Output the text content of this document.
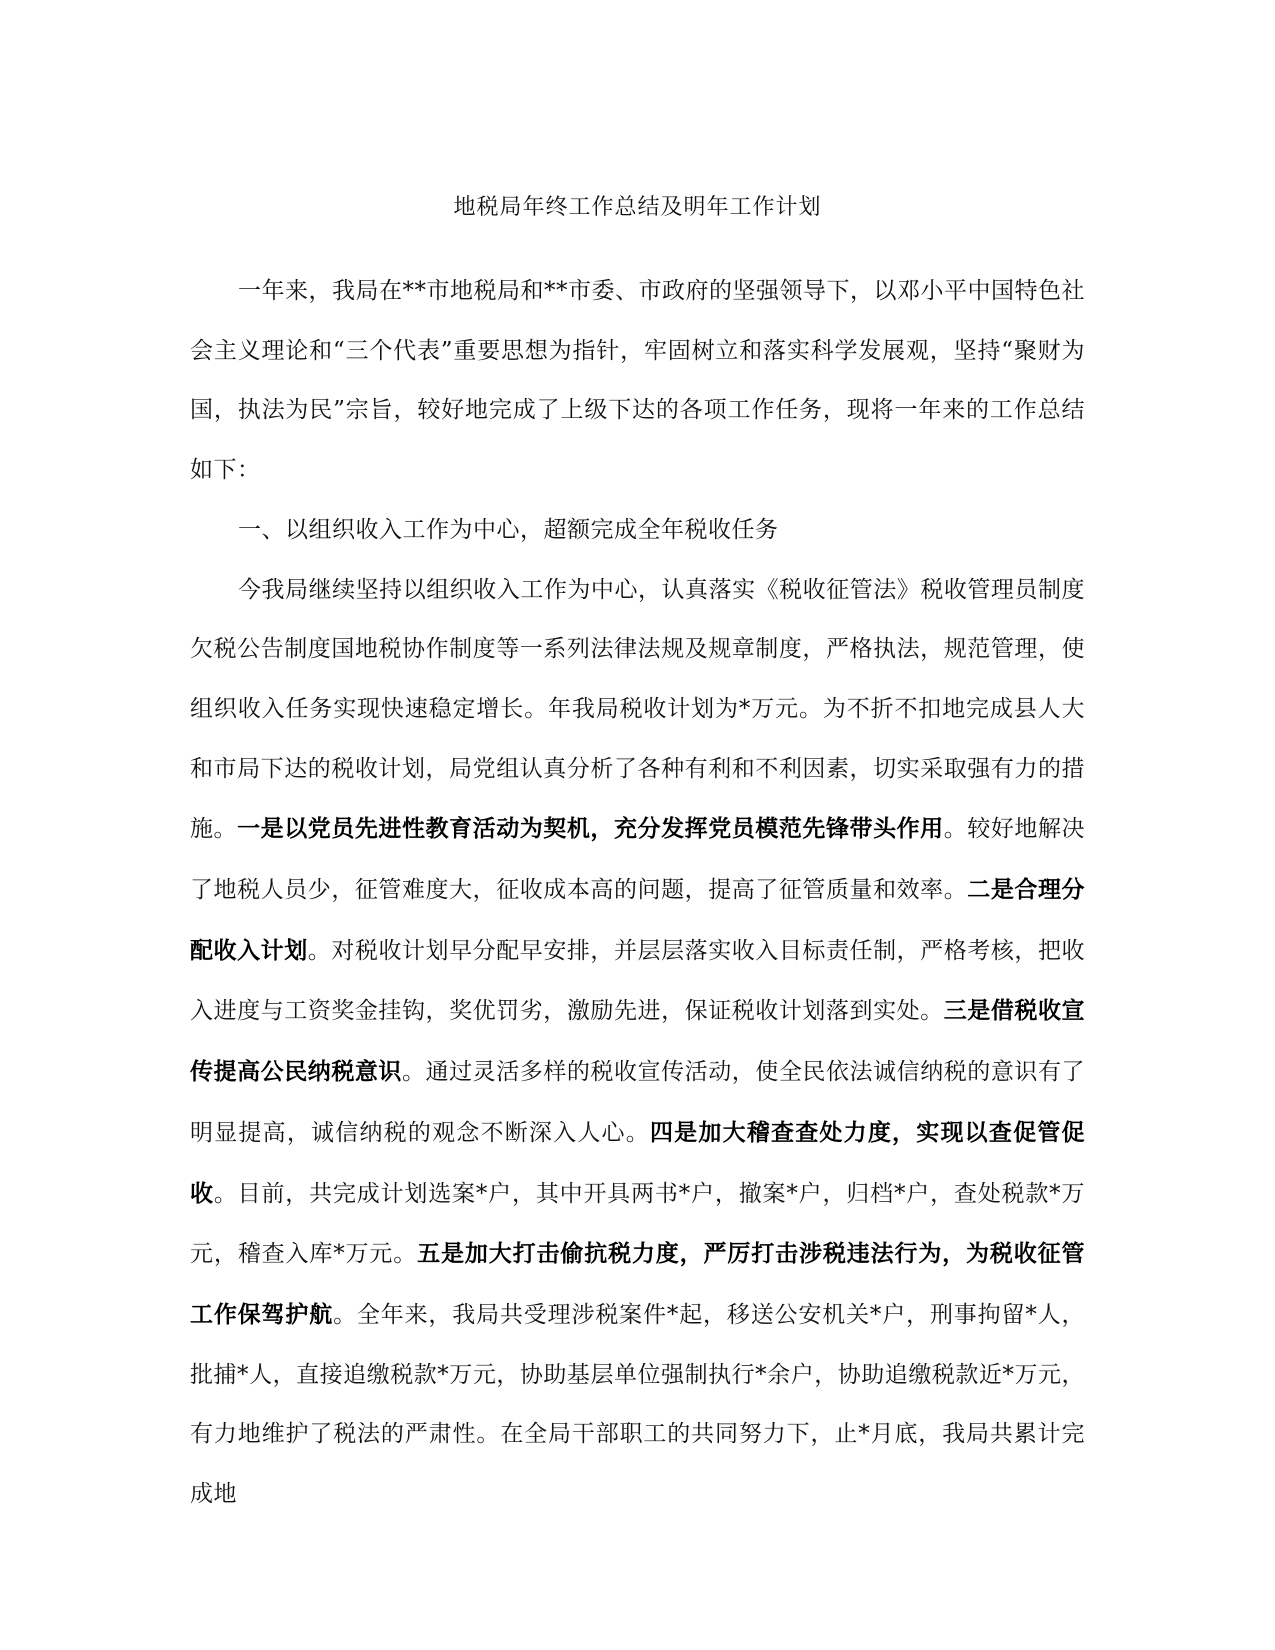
地税局年终工作总结及明年工作计划

一年来，我局在**市地税局和**市委、市政府的坚强领导下，以邓小平中国特色社会主义理论和“三个代表”重要思想为指针，牢固树立和落实科学发展观，坚持“聚财为国，执法为民”宗旨，较好地完成了上级下达的各项工作任务，现将一年来的工作总结如下：

一、以组织收入工作为中心，超额完成全年税收任务

今我局继续坚持以组织收入工作为中心，认真落实《税收征管法》税收管理员制度欠税公告制度国地税协作制度等一系列法律法规及规章制度，严格执法，规范管理，使组织收入任务实现快速稳定增长。年我局税收计划为*万元。为不折不扣地完成县人大和市局下达的税收计划，局党组认真分析了各种有利和不利因素，切实采取强有力的措施。一是以党员先进性教育活动为契机，充分发挥党员模范先锋带头作用。较好地解决了地税人员少，征管难度大，征收成本高的问题，提高了征管质量和效率。二是合理分配收入计划。对税收计划早分配早安排，并层层落实收入目标责任制，严格考核，把收入进度与工资奖金挂钩，奖优罚劣，激励先进，保证税收计划落到实处。三是借税收宣传提高公民纳税意识。通过灵活多样的税收宣传活动，使全民依法诚信纳税的意识有了明显提高，诚信纳税的观念不断深入人心。四是加大稽查查处力度，实现以查促管促收。目前，共完成计划选案*户，其中开具两书*户，撤案*户，归档*户，查处税款*万元，稽查入库*万元。五是加大打击偷抗税力度，严厉打击涉税违法行为，为税收征管工作保驾护航。全年来，我局共受理涉税案件*起，移送公安机关*户，刑事拘留*人，批捕*人，直接追缴税款*万元，协助基层单位强制执行*余户，协助追缴税款近*万元，有力地维护了税法的严肃性。在全局干部职工的共同努力下，止*月底，我局共累计完成地
